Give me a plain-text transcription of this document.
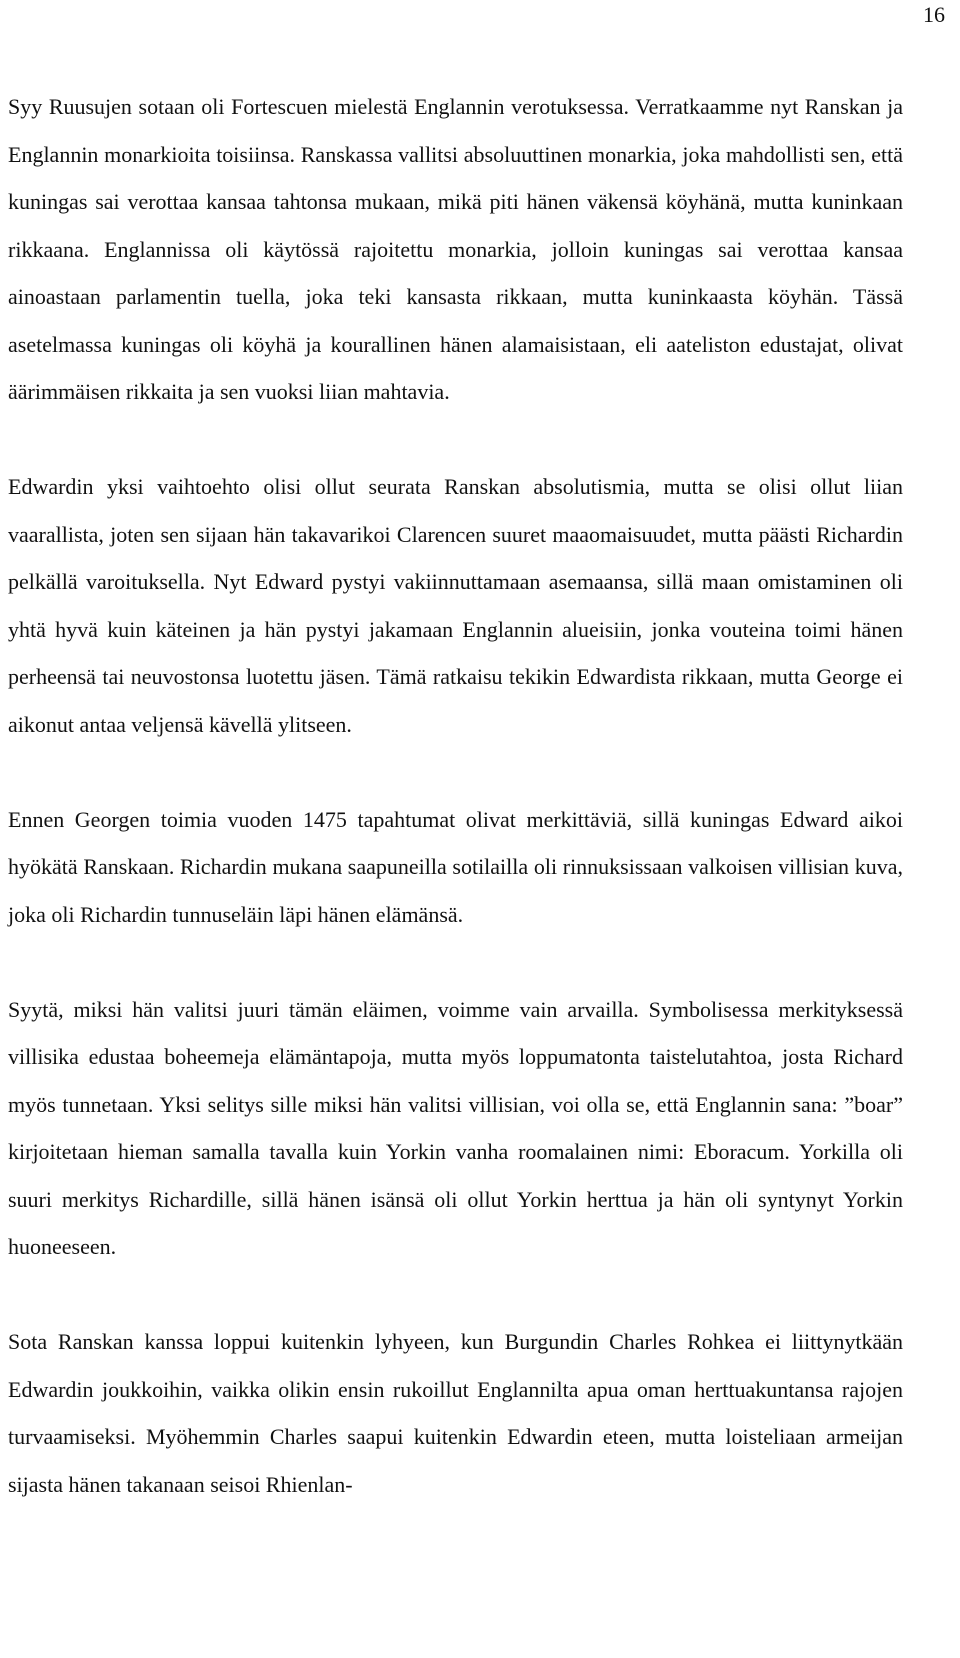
16

Syy Ruusujen sotaan oli Fortescuen mielestä Englannin verotuksessa. Verratkaamme nyt Ranskan ja Englannin monarkioita toisiinsa. Ranskassa vallitsi absoluuttinen monarkia, joka mahdollisti sen, että kuningas sai verottaa kansaa tahtonsa mukaan, mikä piti hänen väkensä köyhänä, mutta kuninkaan rikkaana. Englannissa oli käytössä rajoitettu monarkia, jolloin kuningas sai verottaa kansaa ainoastaan parlamentin tuella, joka teki kansasta rikkaan, mutta kuninkaasta köyhän. Tässä asetelmassa kuningas oli köyhä ja kourallinen hänen alamaisistaan, eli aateliston edustajat, olivat äärimmäisen rikkaita ja sen vuoksi liian mahtavia.

Edwardin yksi vaihtoehto olisi ollut seurata Ranskan absolutismia, mutta se olisi ollut liian vaarallista, joten sen sijaan hän takavarikoi Clarencen suuret maaomaisuudet, mutta päästi Richardin pelkällä varoituksella. Nyt Edward pystyi vakiinnuttamaan asemaansa, sillä maan omistaminen oli yhtä hyvä kuin käteinen ja hän pystyi jakamaan Englannin alueisiin, jonka vouteina toimi hänen perheensä tai neuvostonsa luotettu jäsen. Tämä ratkaisu tekikin Edwardista rikkaan, mutta George ei aikonut antaa veljensä kävellä ylitseen.

Ennen Georgen toimia vuoden 1475 tapahtumat olivat merkittäviä, sillä kuningas Edward aikoi hyökätä Ranskaan. Richardin mukana saapuneilla sotilailla oli rinnuksissaan valkoisen villisian kuva, joka oli Richardin tunnuseläin läpi hänen elämänsä.

Syytä, miksi hän valitsi juuri tämän eläimen, voimme vain arvailla. Symbolisessa merkityksessä villisika edustaa boheemeja elämäntapoja, mutta myös loppumatonta taistelutahtoa, josta Richard myös tunnetaan. Yksi selitys sille miksi hän valitsi villisian, voi olla se, että Englannin sana: ”boar” kirjoitetaan hieman samalla tavalla kuin Yorkin vanha roomalainen nimi: Eboracum. Yorkilla oli suuri merkitys Richardille, sillä hänen isänsä oli ollut Yorkin herttua ja hän oli syntynyt Yorkin huoneeseen.

Sota Ranskan kanssa loppui kuitenkin lyhyeen, kun Burgundin Charles Rohkea ei liittynytkään Edwardin joukkoihin, vaikka olikin ensin rukoillut Englannilta apua oman herttuakuntansa rajojen turvaamiseksi. Myöhemmin Charles saapui kuitenkin Edwardin eteen, mutta loisteliaan armeijan sijasta hänen takanaan seisoi Rhienlan-
